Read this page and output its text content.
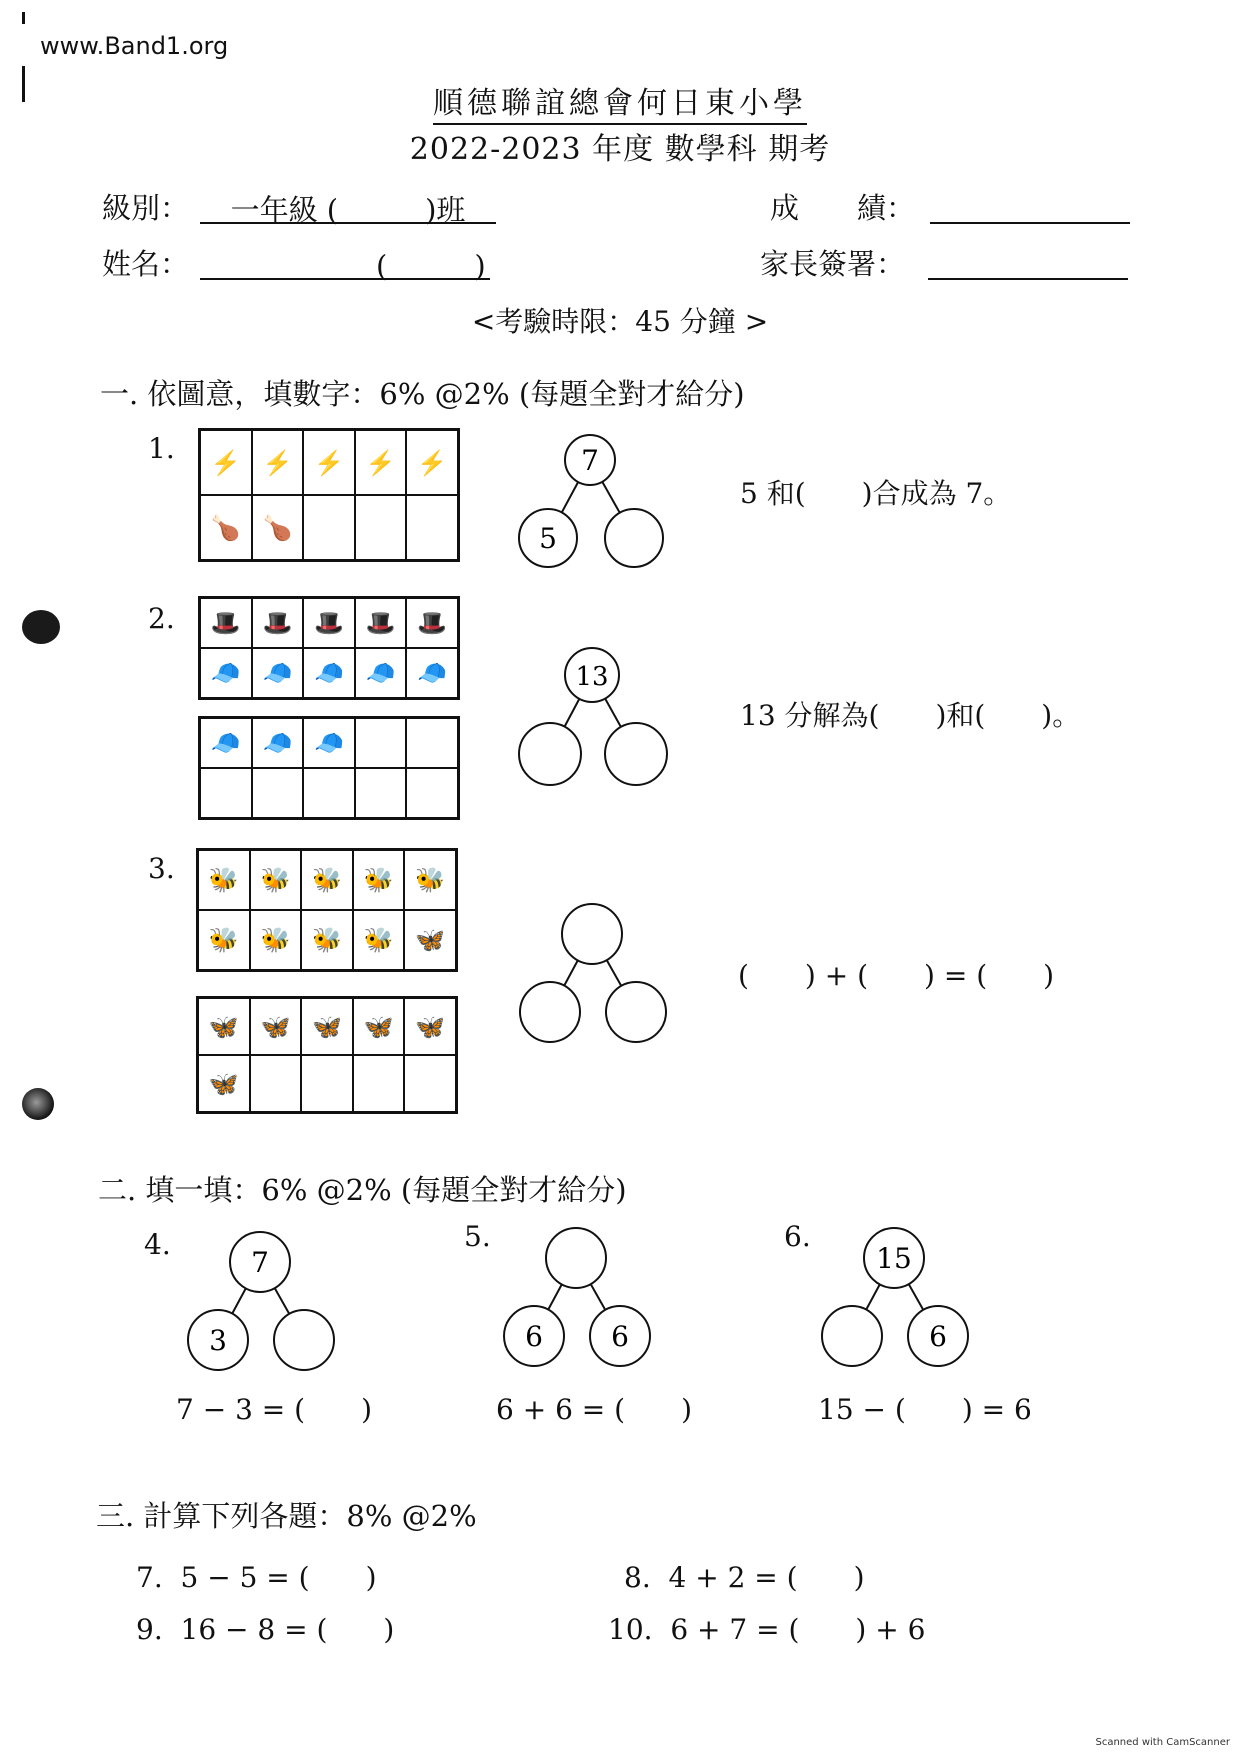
www.Band1.org
順德聯誼總會何日東小學
2022-2023 年度 數學科 期考
級別：	一年級 (　　　)班	成　　績：
姓名：	(　　　)	家長簽署：
<考驗時限：45 分鐘 >
一. 依圖意，填數字：6% @2% (每題全對才給分)
1.	⚡ ⚡ ⚡ ⚡ ⚡
🍗 🍗
7
5
5 和(　　)合成為 7。
2.	🎩 🎩 🎩 🎩 🎩
🧢 🧢 🧢 🧢 🧢
🧢 🧢 🧢
13
13 分解為(　　)和(　　)。
3.	🐝 🐝 🐝 🐝 🐝
🐝 🐝 🐝 🐝 🦋
🦋 🦋 🦋 🦋 🦋
🦋
(　　) + (　　) = (　　)
二. 填一填：6% @2% (每題全對才給分)
4.
7
3
7 − 3 = (　　)
5.
6 6
6 + 6 = (　　)
6.
15
6
15 − (　　) = 6
三. 計算下列各題：8% @2%
7.  5 − 5 = (　　)	8.  4 + 2 = (　　)
9.  16 − 8 = (　　)	10.  6 + 7 = (　　) + 6
Scanned with CamScanner
